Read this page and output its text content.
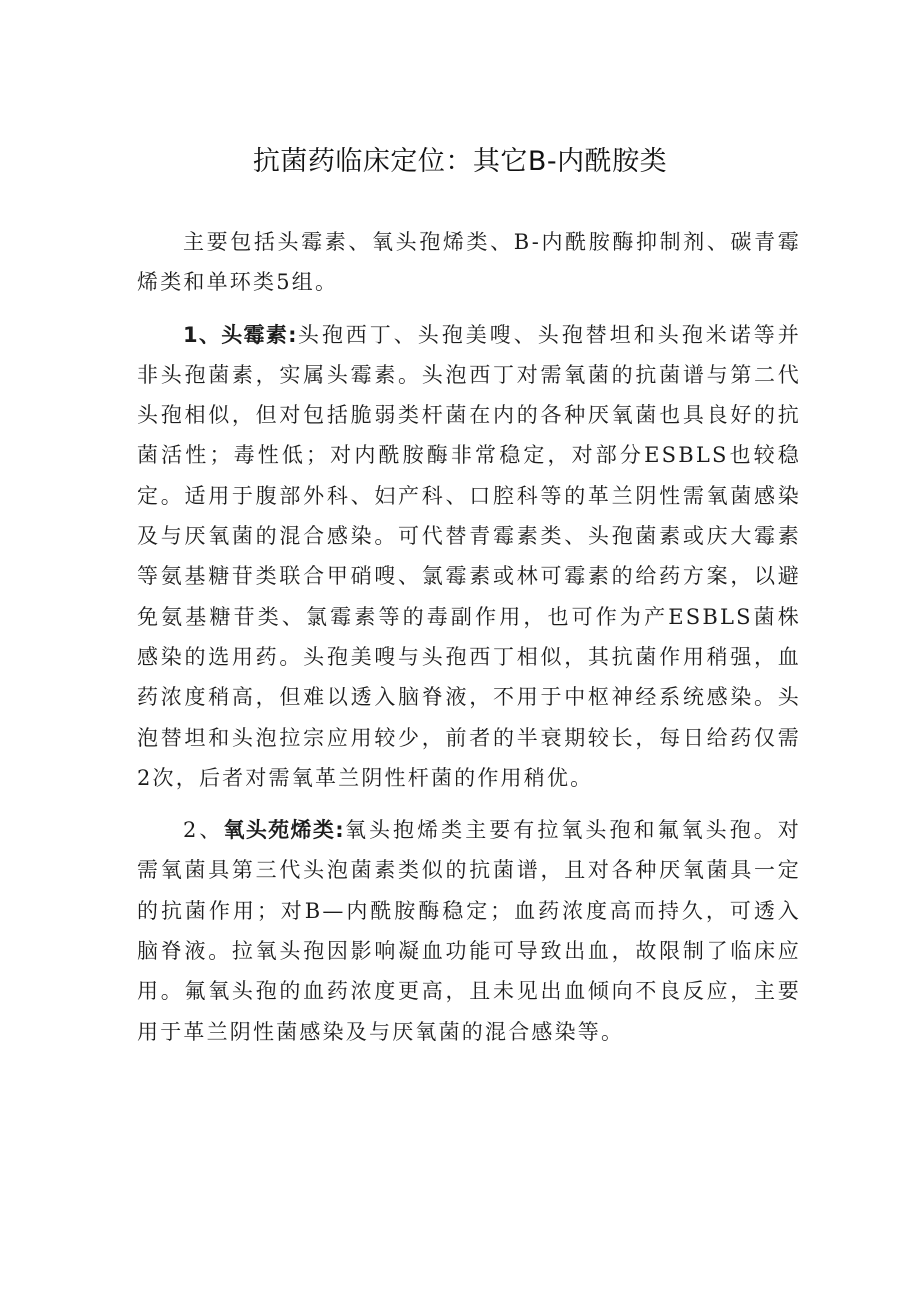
抗菌药临床定位：其它B-内酰胺类

主要包括头霉素、氧头孢烯类、B-内酰胺酶抑制剂、碳青霉烯类和单环类5组。

1、头霉素:头孢西丁、头孢美嗖、头孢替坦和头孢米诺等并非头孢菌素，实属头霉素。头泡西丁对需氧菌的抗菌谱与第二代头孢相似，但对包括脆弱类杆菌在内的各种厌氧菌也具良好的抗菌活性；毒性低；对内酰胺酶非常稳定，对部分ESBLS也较稳定。适用于腹部外科、妇产科、口腔科等的革兰阴性需氧菌感染及与厌氧菌的混合感染。可代替青霉素类、头孢菌素或庆大霉素等氨基糖苷类联合甲硝嗖、氯霉素或林可霉素的给药方案，以避免氨基糖苷类、氯霉素等的毒副作用，也可作为产ESBLS菌株感染的选用药。头孢美嗖与头孢西丁相似，其抗菌作用稍强，血药浓度稍高，但难以透入脑脊液，不用于中枢神经系统感染。头泡替坦和头泡拉宗应用较少，前者的半衰期较长，每日给药仅需2次，后者对需氧革兰阴性杆菌的作用稍优。

2、氧头苑烯类:氧头抱烯类主要有拉氧头孢和氟氧头孢。对需氧菌具第三代头泡菌素类似的抗菌谱，且对各种厌氧菌具一定的抗菌作用；对B—内酰胺酶稳定；血药浓度高而持久，可透入脑脊液。拉氧头孢因影响凝血功能可导致出血，故限制了临床应用。氟氧头孢的血药浓度更高，且未见出血倾向不良反应，主要用于革兰阴性菌感染及与厌氧菌的混合感染等。
